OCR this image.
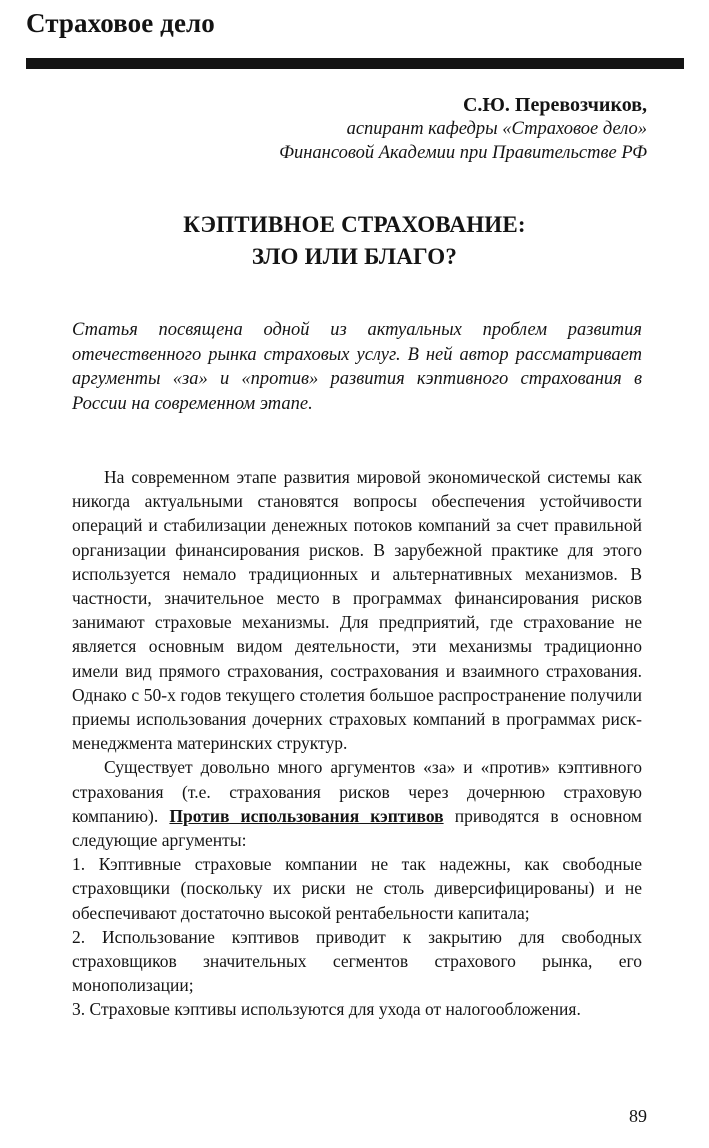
Страховое дело
С.Ю. Перевозчиков,
аспирант кафедры «Страховое дело»
Финансовой Академии при Правительстве РФ
КЭПТИВНОЕ СТРАХОВАНИЕ:
ЗЛО ИЛИ БЛАГО?
Статья посвящена одной из актуальных проблем развития отечественного рынка страховых услуг. В ней автор рассматривает аргументы «за» и «против» развития кэптивного страхования в России на современном этапе.

На современном этапе развития мировой экономической системы как никогда актуальными становятся вопросы обеспечения устойчивости операций и стабилизации денежных потоков компаний за счет правильной организации финансирования рисков. В зарубежной практике для этого используется немало традиционных и альтернативных механизмов. В частности, значительное место в программах финансирования рисков занимают страховые механизмы. Для предприятий, где страхование не является основным видом деятельности, эти механизмы традиционно имели вид прямого страхования, сострахования и взаимного страхования. Однако с 50-х годов текущего столетия большое распространение получили приемы использования дочерних страховых компаний в программах риск-менеджмента материнских структур.

Существует довольно много аргументов «за» и «против» кэптивного страхования (т.е. страхования рисков через дочернюю страховую компанию). Против использования кэптивов приводятся в основном следующие аргументы:

1. Кэптивные страховые компании не так надежны, как свободные страховщики (поскольку их риски не столь диверсифицированы) и не обеспечивают достаточно высокой рентабельности капитала;

2. Использование кэптивов приводит к закрытию для свободных страховщиков значительных сегментов страхового рынка, его монополизации;

3. Страховые кэптивы используются для ухода от налогообложения.

89
